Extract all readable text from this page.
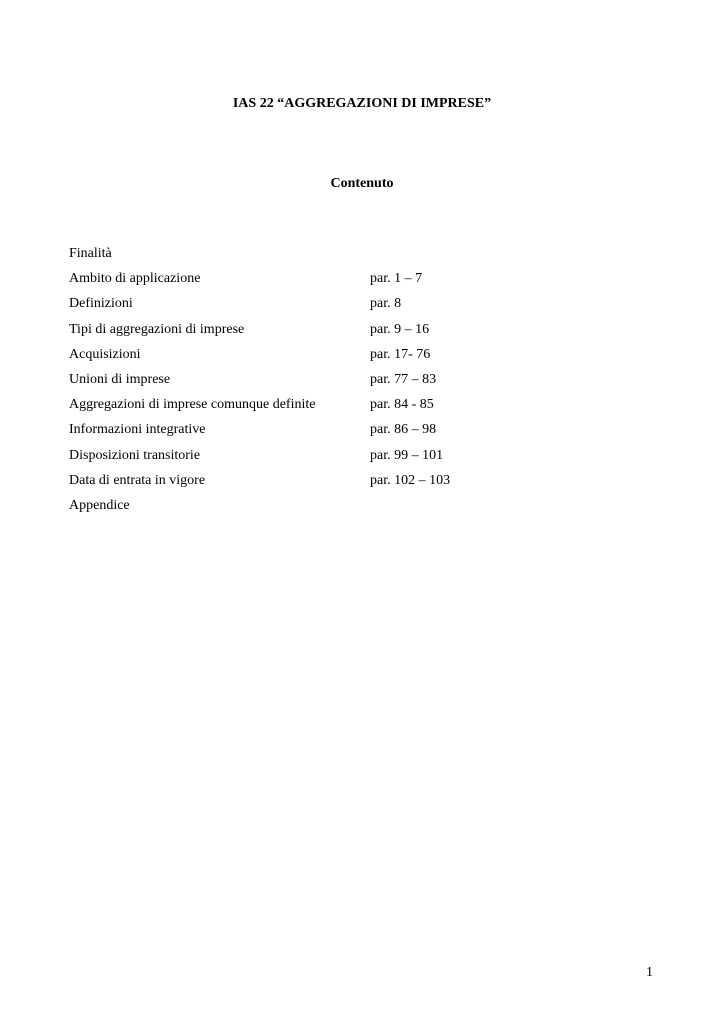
IAS 22 “AGGREGAZIONI DI IMPRESE”
Contenuto
Finalità
Ambito di applicazione	par. 1 – 7
Definizioni	par. 8
Tipi di aggregazioni di imprese	par. 9 – 16
Acquisizioni	par. 17- 76
Unioni di imprese	par. 77 – 83
Aggregazioni di imprese comunque definite	par. 84 - 85
Informazioni integrative	par. 86 – 98
Disposizioni transitorie	par. 99 – 101
Data di entrata in vigore	par. 102 – 103
Appendice
1
